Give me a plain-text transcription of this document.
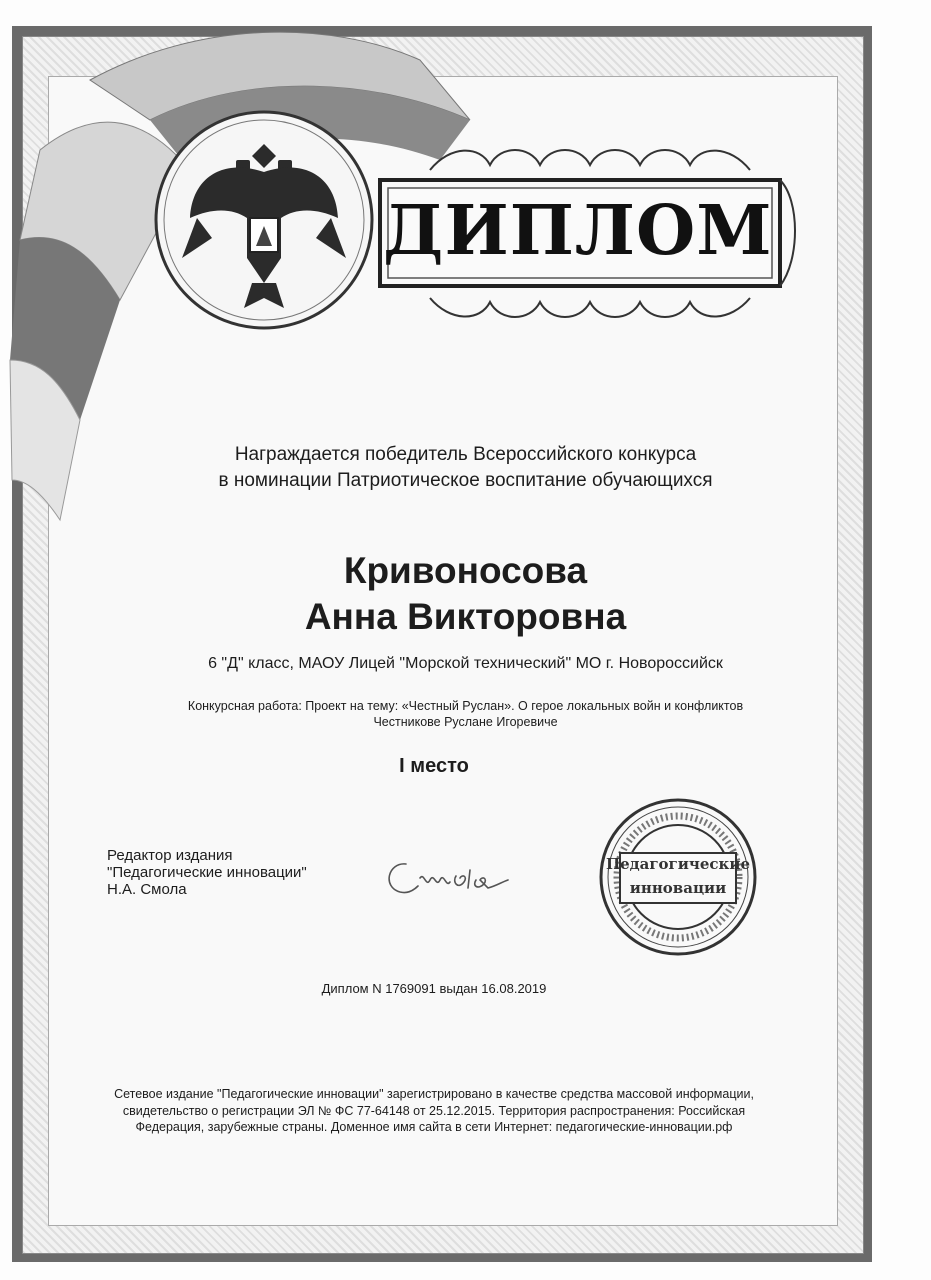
ДИПЛОМ
Награждается победитель Всероссийского конкурса
в номинации Патриотическое воспитание обучающихся
Кривоносова
Анна Викторовна
6 "Д" класс, МАОУ Лицей "Морской технический" МО г. Новороссийск
Конкурсная работа: Проект на тему: «Честный Руслан». О герое локальных войн и конфликтов
Честникове Руслане Игоревиче
I место
Редактор издания
"Педагогические инновации"
Н.А. Смола
Педагогические
инновации
Диплом N 1769091 выдан 16.08.2019
Сетевое издание "Педагогические инновации" зарегистрировано в качестве средства массовой информации,
свидетельство о регистрации ЭЛ № ФС 77-64148 от 25.12.2015. Территория распространения: Российская
Федерация, зарубежные страны. Доменное имя сайта в сети Интернет: педагогические-инновации.рф
